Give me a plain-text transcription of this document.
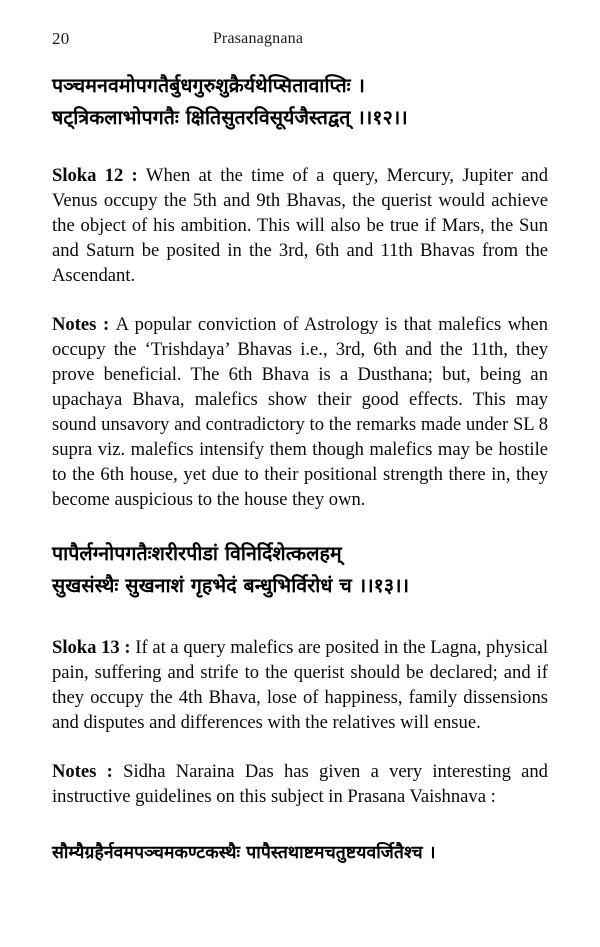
20	Prasanagnana
पञ्चमनवमोपगतैर्बुधगुरुशुक्रैर्यथेप्सितावाप्तिः ।
षट्त्रिकलाभोपगतैः क्षितिसुतरविसूर्यजैस्तद्वत् ।।१२।।

Sloka 12 : When at the time of a query, Mercury, Jupiter and Venus occupy the 5th and 9th Bhavas, the querist would achieve the object of his ambition. This will also be true if Mars, the Sun and Saturn be posited in the 3rd, 6th and 11th Bhavas from the Ascendant.

Notes : A popular conviction of Astrology is that malefics when occupy the ‘Trishdaya’ Bhavas i.e., 3rd, 6th and the 11th, they prove beneficial. The 6th Bhava is a Dusthana; but, being an upachaya Bhava, malefics show their good effects. This may sound unsavory and contradictory to the remarks made under SL 8 supra viz. malefics intensify them though malefics may be hostile to the 6th house, yet due to their positional strength there in, they become auspicious to the house they own.

पापैर्लग्नोपगतैःशरीरपीडां विनिर्दिशेत्कलहम्
सुखसंस्थैः सुखनाशं गृहभेदं बन्धुभिर्विरोधं च ।।१३।।

Sloka 13 : If at a query malefics are posited in the Lagna, physical pain, suffering and strife to the querist should be declared; and if they occupy the 4th Bhava, lose of happiness, family dissensions and disputes and differences with the relatives will ensue.

Notes : Sidha Naraina Das has given a very interesting and instructive guidelines on this subject in Prasana Vaishnava :

सौम्यैग्रहैर्नवमपञ्चमकण्टकस्थैः पापैस्तथाष्टमचतुष्टयवर्जितैश्च ।
